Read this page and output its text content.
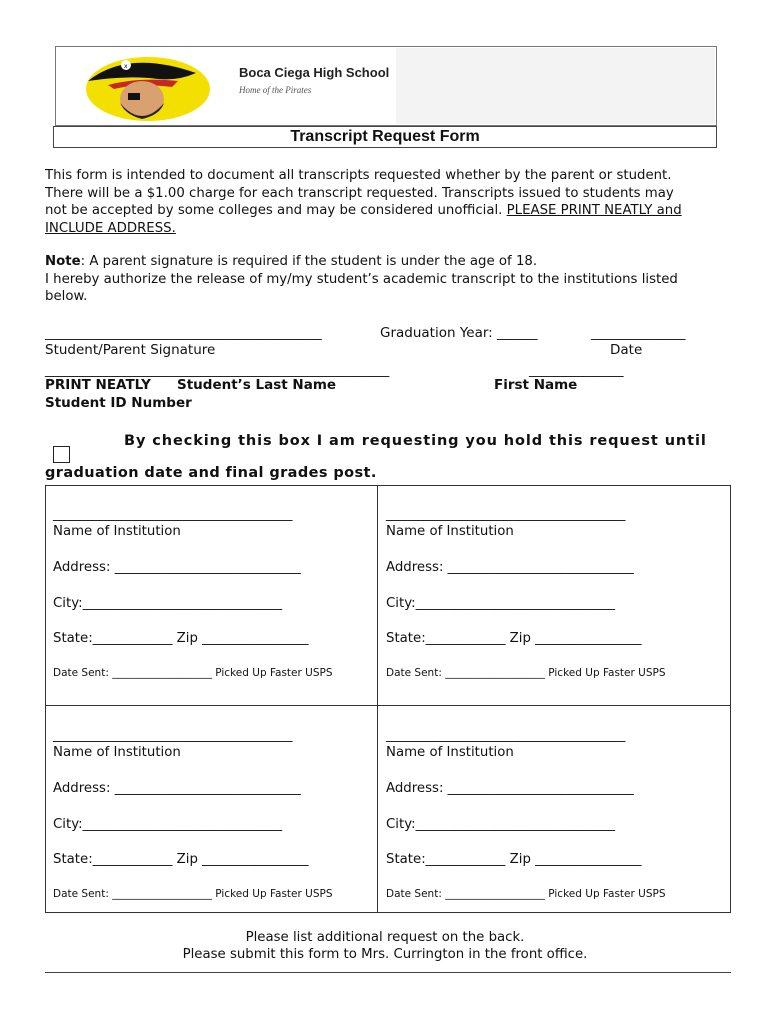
x	Boca Ciega High School
Home of the Pirates
Transcript Request Form
This form is intended to document all transcripts requested whether by the parent or student.
There will be a $1.00 charge for each transcript requested. Transcripts issued to students may
not be accepted by some colleges and may be considered unofficial. PLEASE PRINT NEATLY and
INCLUDE ADDRESS.
Note: A parent signature is required if the student is under the age of 18.
I hereby authorize the release of my/my student’s academic transcript to the institutions listed
below.
_________________________________________	Graduation Year: ______	______________
Student/Parent Signature	Date
___________________________________________________	______________
PRINT NEATLY Student’s Last Name	First Name
Student ID Number
By checking this box I am requesting you hold this request until
graduation date and final grades post.
____________________________________
Name of Institution
Address: ____________________________
City:______________________________
State:____________ Zip ________________
Date Sent: ___________________ Picked Up Faster USPS
____________________________________
Name of Institution
Address: ____________________________
City:______________________________
State:____________ Zip ________________
Date Sent: ___________________ Picked Up Faster USPS
____________________________________
Name of Institution
Address: ____________________________
City:______________________________
State:____________ Zip ________________
Date Sent: ___________________ Picked Up Faster USPS
____________________________________
Name of Institution
Address: ____________________________
City:______________________________
State:____________ Zip ________________
Date Sent: ___________________ Picked Up Faster USPS
Please list additional request on the back.
Please submit this form to Mrs. Currington in the front office.
